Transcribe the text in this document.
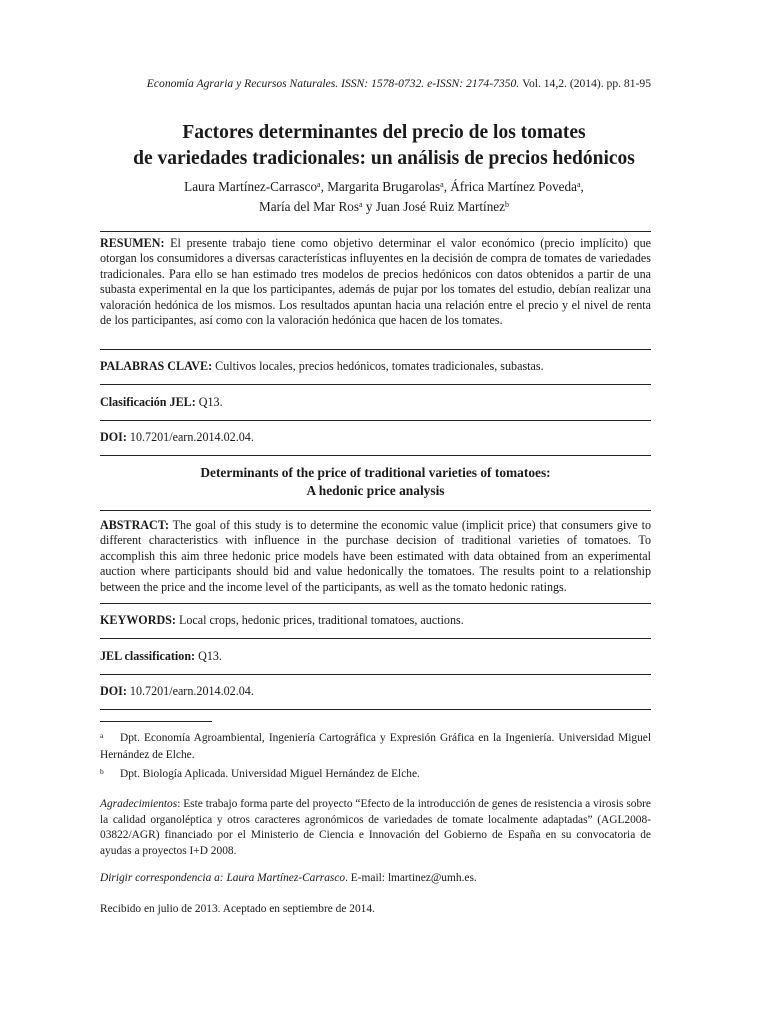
Economía Agraria y Recursos Naturales. ISSN: 1578-0732. e-ISSN: 2174-7350. Vol. 14,2. (2014). pp. 81-95
Factores determinantes del precio de los tomates
de variedades tradicionales: un análisis de precios hedónicos
Laura Martínez-Carrasco$^a$, Margarita Brugarolas$^a$, África Martínez Poveda$^a$,
María del Mar Ros$^a$ y Juan José Ruiz Martínez$^b$
RESUMEN: El presente trabajo tiene como objetivo determinar el valor económico (precio implícito) que otorgan los consumidores a diversas características influyentes en la decisión de compra de tomates de variedades tradicionales. Para ello se han estimado tres modelos de precios hedónicos con datos obtenidos a partir de una subasta experimental en la que los participantes, además de pujar por los tomates del estudio, debían realizar una valoración hedónica de los mismos. Los resultados apuntan hacia una relación entre el precio y el nivel de renta de los participantes, así como con la valoración hedónica que hacen de los tomates.
PALABRAS CLAVE: Cultivos locales, precios hedónicos, tomates tradicionales, subastas.
Clasificación JEL: Q13.
DOI: 10.7201/earn.2014.02.04.
Determinants of the price of traditional varieties of tomatoes:
A hedonic price analysis
ABSTRACT: The goal of this study is to determine the economic value (implicit price) that consumers give to different characteristics with influence in the purchase decision of traditional varieties of tomatoes. To accomplish this aim three hedonic price models have been estimated with data obtained from an experimental auction where participants should bid and value hedonically the tomatoes. The results point to a relationship between the price and the income level of the participants, as well as the tomato hedonic ratings.
KEYWORDS: Local crops, hedonic prices, traditional tomatoes, auctions.
JEL classification: Q13.
DOI: 10.7201/earn.2014.02.04.
a	Dpt. Economía Agroambiental, Ingeniería Cartográfica y Expresión Gráfica en la Ingeniería. Universidad Miguel Hernández de Elche.
b	Dpt. Biología Aplicada. Universidad Miguel Hernández de Elche.
Agradecimientos: Este trabajo forma parte del proyecto “Efecto de la introducción de genes de resistencia a virosis sobre la calidad organoléptica y otros caracteres agronómicos de variedades de tomate localmente adaptadas” (AGL2008-03822/AGR) financiado por el Ministerio de Ciencia e Innovación del Gobierno de España en su convocatoria de ayudas a proyectos I+D 2008.
Dirigir correspondencia a: Laura Martínez-Carrasco. E-mail: lmartinez@umh.es.
Recibido en julio de 2013. Aceptado en septiembre de 2014.
